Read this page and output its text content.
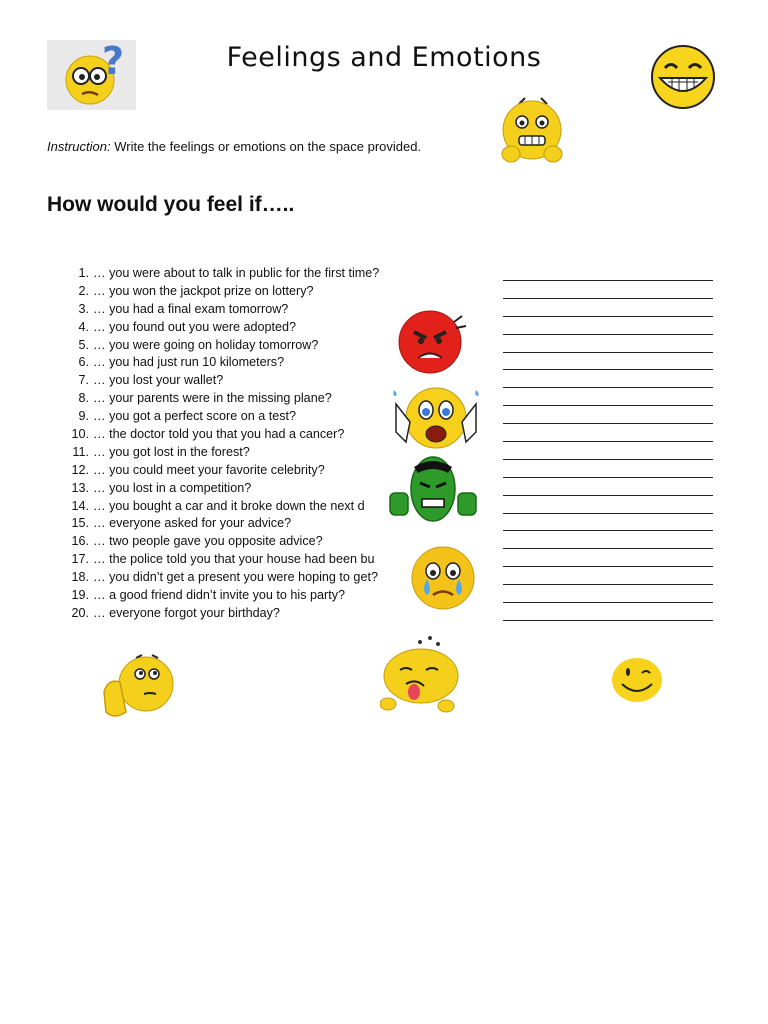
Feelings and Emotions
?
Instruction: Write the feelings or emotions on the space provided.
How would you feel if…..
1. … you were about to talk in public for the first time?
2. … you won the jackpot prize on lottery?
3. … you had a final exam tomorrow?
4. … you found out you were adopted?
5. … you were going on holiday tomorrow?
6. … you had just run 10 kilometers?
7. … you lost your wallet?
8. … your parents were in the missing plane?
9. … you got a perfect score on a test?
10. … the doctor told you that you had a cancer?
11. … you got lost in the forest?
12. … you could meet your favorite celebrity?
13. … you lost in a competition?
14. … you bought a car and it broke down the next d
15. … everyone asked for your advice?
16. … two people gave you opposite advice?
17. … the police told you that your house had been bu
18. … you didn’t get a present you were hoping to get?
19. … a good friend didn’t invite you to his party?
20. … everyone forgot your birthday?
